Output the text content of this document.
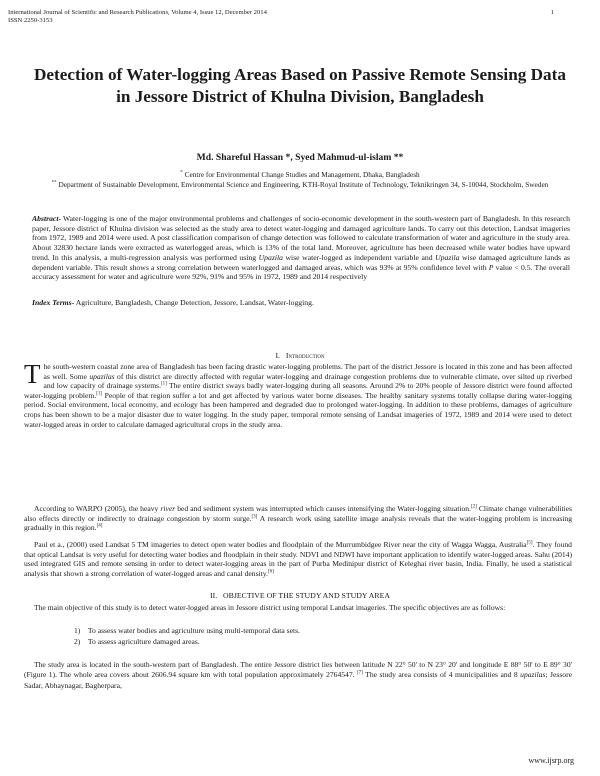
International Journal of Scientific and Research Publications, Volume 4, Issue 12, December 2014
ISSN 2250-3153
1
Detection of Water-logging Areas Based on Passive Remote Sensing Data in Jessore District of Khulna Division, Bangladesh
Md. Shareful Hassan *, Syed Mahmud-ul-islam **
* Centre for Environmental Change Studies and Management, Dhaka, Bangladesh
** Department of Sustainable Development, Environmental Science and Engineering, KTH-Royal Institute of Technology, Teknikringen 34, S-10044, Stockholm, Sweden
Abstract- Water-logging is one of the major environmental problems and challenges of socio-economic development in the south-western part of Bangladesh. In this research paper, Jessore district of Khulna division was selected as the study area to detect water-logging and damaged agriculture lands. To carry out this detection, Landsat imageries from 1972, 1989 and 2014 were used. A post classification comparison of change detection was followed to calculate transformation of water and agriculture in the study area. About 32830 hectare lands were extracted as waterlogged areas, which is 13% of the total land. Moreover, agriculture has been decreased while water bodies have upward trend. In this analysis, a multi-regression analysis was performed using Upazila wise water-logged as independent variable and Upazila wise damaged agriculture lands as dependent variable. This result shows a strong correlation between waterlogged and damaged areas, which was 93% at 95% confidence level with P value < 0.5. The overall accuracy assessment for water and agriculture were 92%, 91% and 95% in 1972, 1989 and 2014 respectively
Index Terms- Agriculture, Bangladesh, Change Detection, Jessore, Landsat, Water-logging.
I. Introduction
The south-western coastal zone area of Bangladesh has been facing drastic water-logging problems. The part of the district Jessore is located in this zone and has been affected as well. Some upazilas of this district are directly affected with regular water-logging and drainage congestion problems due to vulnerable climate, over silted up riverbed and low capacity of drainage systems.[1] The entire district sways badly water-logging during all seasons. Around 2% to 20% people of Jessore district were found affected water-logging problem.[1] People of that region suffer a lot and get affected by various water borne diseases. The healthy sanitary systems totally collapse during water-logging period. Social environment, local economy, and ecology has been hampered and degraded due to prolonged water-logging. In addition to these problems, damages of agriculture crops has been shown to be a major disaster due to water logging. In the study paper, temporal remote sensing of Landsat imageries of 1972, 1989 and 2014 were used to detect water-logged areas in order to calculate damaged agricultural crops in the study area.
According to WARPO (2005), the heavy river bed and sediment system was interrupted which causes intensifying the Water-logging situation.[2] Climate change vulnerabilities also effects directly or indirectly to drainage congestion by storm surge.[3] A research work using satellite image analysis reveals that the water-logging problem is increasing gradually in this region.[4]
Paul et a., (2000) used Landsat 5 TM imageries to detect open water bodies and floodplain of the Murrumbidgee River near the city of Wagga Wagga, Australia[5]. They found that optical Landsat is very useful for detecting water bodies and floodplain in their study. NDVI and NDWI have important application to identify water-logged areas. Sahu (2014) used integrated GIS and remote sensing in order to detect water-logging areas in the part of Purba Medinipur district of Keleghai river basin, India. Finally, he used a statistical analysis that shown a strong correlation of water-logged areas and canal density.[6]
II. OBJECTIVE OF THE STUDY AND STUDY AREA
The main objective of this study is to detect water-logged areas in Jessore district using temporal Landsat imageries. The specific objectives are as follows:
1) To assess water bodies and agriculture using multi-temporal data sets.
2) To assess agriculture damaged areas.
The study area is located in the south-western part of Bangladesh. The entire Jessore district lies between latitude N 22° 50' to N 23° 20' and longitude E 88° 50' to E 89° 30' (Figure 1). The whole area covers about 2606.94 square km with total population approximately 2764547. [7] The study area consists of 4 municipalities and 8 upazilas; Jessore Sadar, Abhaynagar, Bagherpara,
www.ijsrp.org
